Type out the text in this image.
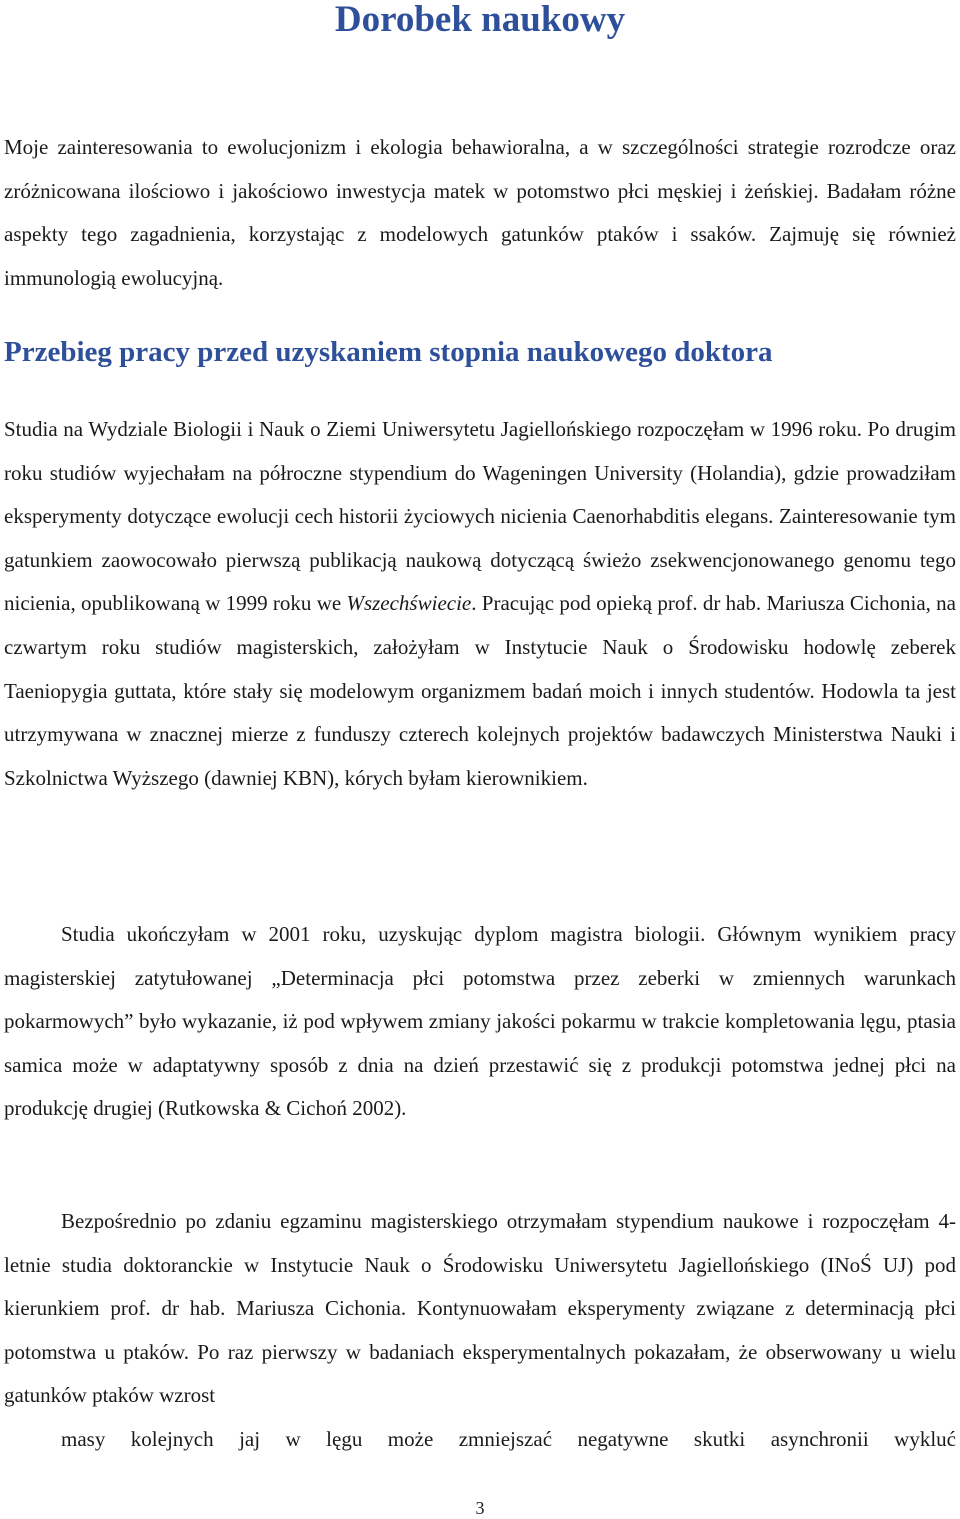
Dorobek naukowy

Moje zainteresowania to ewolucjonizm i ekologia behawioralna, a w szczególności strategie rozrodcze oraz zróżnicowana ilościowo i jakościowo inwestycja matek w potomstwo płci męskiej i żeńskiej. Badałam różne aspekty tego zagadnienia, korzystając z modelowych gatunków ptaków i ssaków. Zajmuję się również immunologią ewolucyjną.

Przebieg pracy przed uzyskaniem stopnia naukowego doktora

Studia na Wydziale Biologii i Nauk o Ziemi Uniwersytetu Jagiellońskiego rozpoczęłam w 1996 roku. Po drugim roku studiów wyjechałam na półroczne stypendium do Wageningen University (Holandia), gdzie prowadziłam eksperymenty dotyczące ewolucji cech historii życiowych nicienia Caenorhabditis elegans. Zainteresowanie tym gatunkiem zaowocowało pierwszą publikacją naukową dotyczącą świeżo zsekwencjonowanego genomu tego nicienia, opublikowaną w 1999 roku we Wszechświecie. Pracując pod opieką prof. dr hab. Mariusza Cichonia, na czwartym roku studiów magisterskich, założyłam w Instytucie Nauk o Środowisku hodowlę zeberek Taeniopygia guttata, które stały się modelowym organizmem badań moich i innych studentów. Hodowla ta jest utrzymywana w znacznej mierze z funduszy czterech kolejnych projektów badawczych Ministerstwa Nauki i Szkolnictwa Wyższego (dawniej KBN), kórych byłam kierownikiem.

Studia ukończyłam w 2001 roku, uzyskując dyplom magistra biologii. Głównym wynikiem pracy magisterskiej zatytułowanej „Determinacja płci potomstwa przez zeberki w zmiennych warunkach pokarmowych” było wykazanie, iż pod wpływem zmiany jakości pokarmu w trakcie kompletowania lęgu, ptasia samica może w adaptatywny sposób z dnia na dzień przestawić się z produkcji potomstwa jednej płci na produkcję drugiej (Rutkowska & Cichoń 2002).

Bezpośrednio po zdaniu egzaminu magisterskiego otrzymałam stypendium naukowe i rozpoczęłam 4-letnie studia doktoranckie w Instytucie Nauk o Środowisku Uniwersytetu Jagiellońskiego (INoŚ UJ) pod kierunkiem prof. dr hab. Mariusza Cichonia. Kontynuowałam eksperymenty związane z determinacją płci potomstwa u ptaków. Po raz pierwszy w badaniach eksperymentalnych pokazałam, że obserwowany u wielu gatunków ptaków wzrost
masy kolejnych jaj w lęgu może zmniejszać negatywne skutki asynchronii wykluć

3
